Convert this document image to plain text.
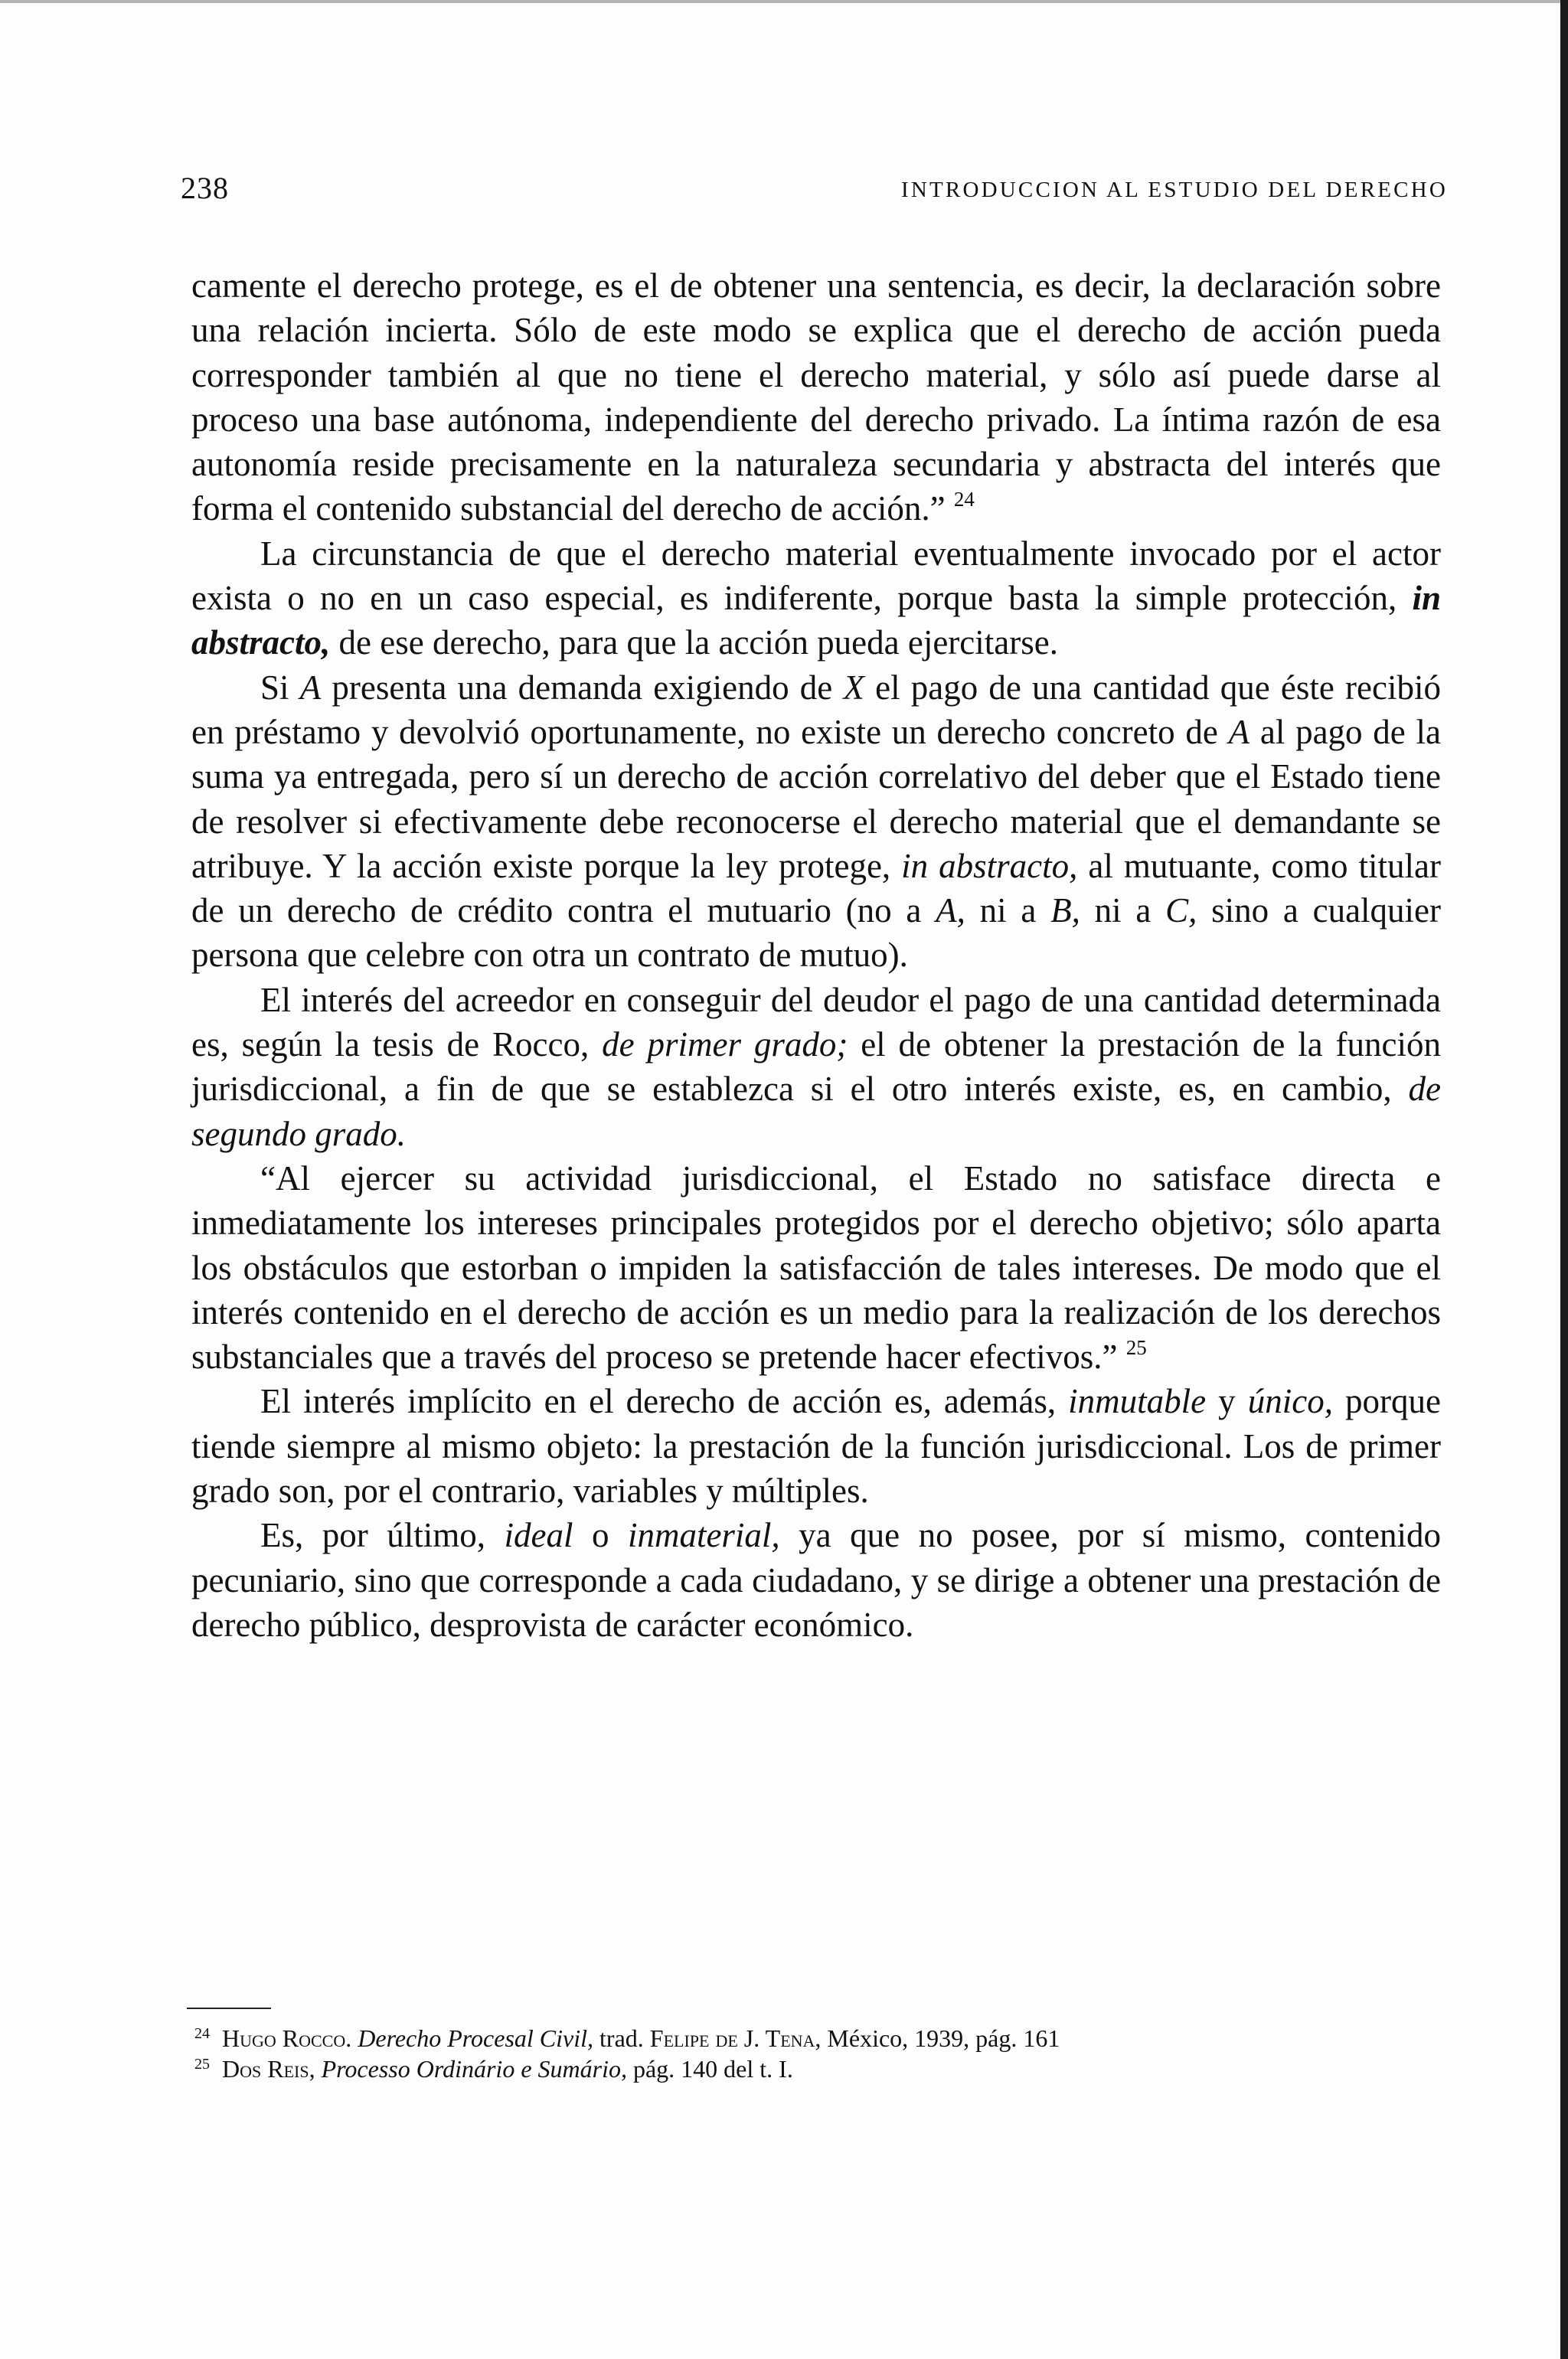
238	INTRODUCCION AL ESTUDIO DEL DERECHO

camente el derecho protege, es el de obtener una sentencia, es decir, la declaración sobre una relación incierta. Sólo de este modo se explica que el derecho de acción pueda corresponder también al que no tiene el derecho material, y sólo así puede darse al proceso una base autónoma, independiente del derecho privado. La íntima razón de esa autonomía reside precisamente en la naturaleza secundaria y abstracta del interés que forma el contenido substancial del derecho de acción.” $^{24}$

La circunstancia de que el derecho material eventualmente invocado por el actor exista o no en un caso especial, es indiferente, porque basta la simple protección, in abstracto, de ese derecho, para que la acción pueda ejercitarse.

Si A presenta una demanda exigiendo de X el pago de una cantidad que éste recibió en préstamo y devolvió oportunamente, no existe un derecho concreto de A al pago de la suma ya entregada, pero sí un derecho de acción correlativo del deber que el Estado tiene de resolver si efectivamente debe reconocerse el derecho material que el demandante se atribuye. Y la acción existe porque la ley protege, in abstracto, al mutuante, como titular de un derecho de crédito contra el mutuario (no a A, ni a B, ni a C, sino a cualquier persona que celebre con otra un contrato de mutuo).

El interés del acreedor en conseguir del deudor el pago de una cantidad determinada es, según la tesis de Rocco, de primer grado; el de obtener la prestación de la función jurisdiccional, a fin de que se establezca si el otro interés existe, es, en cambio, de segundo grado.

“Al ejercer su actividad jurisdiccional, el Estado no satisface directa e inmediatamente los intereses principales protegidos por el derecho objetivo; sólo aparta los obstáculos que estorban o impiden la satisfacción de tales intereses. De modo que el interés contenido en el derecho de acción es un medio para la realización de los derechos substanciales que a través del proceso se pretende hacer efectivos.” $^{25}$

El interés implícito en el derecho de acción es, además, inmutable y único, porque tiende siempre al mismo objeto: la prestación de la función jurisdiccional. Los de primer grado son, por el contrario, variables y múltiples.

Es, por último, ideal o inmaterial, ya que no posee, por sí mismo, contenido pecuniario, sino que corresponde a cada ciudadano, y se dirige a obtener una prestación de derecho público, desprovista de carácter económico.

24 Hugo Rocco. Derecho Procesal Civil, trad. Felipe de J. Tena, México, 1939, pág. 161
25 Dos Reis, Processo Ordinário e Sumário, pág. 140 del t. I.
